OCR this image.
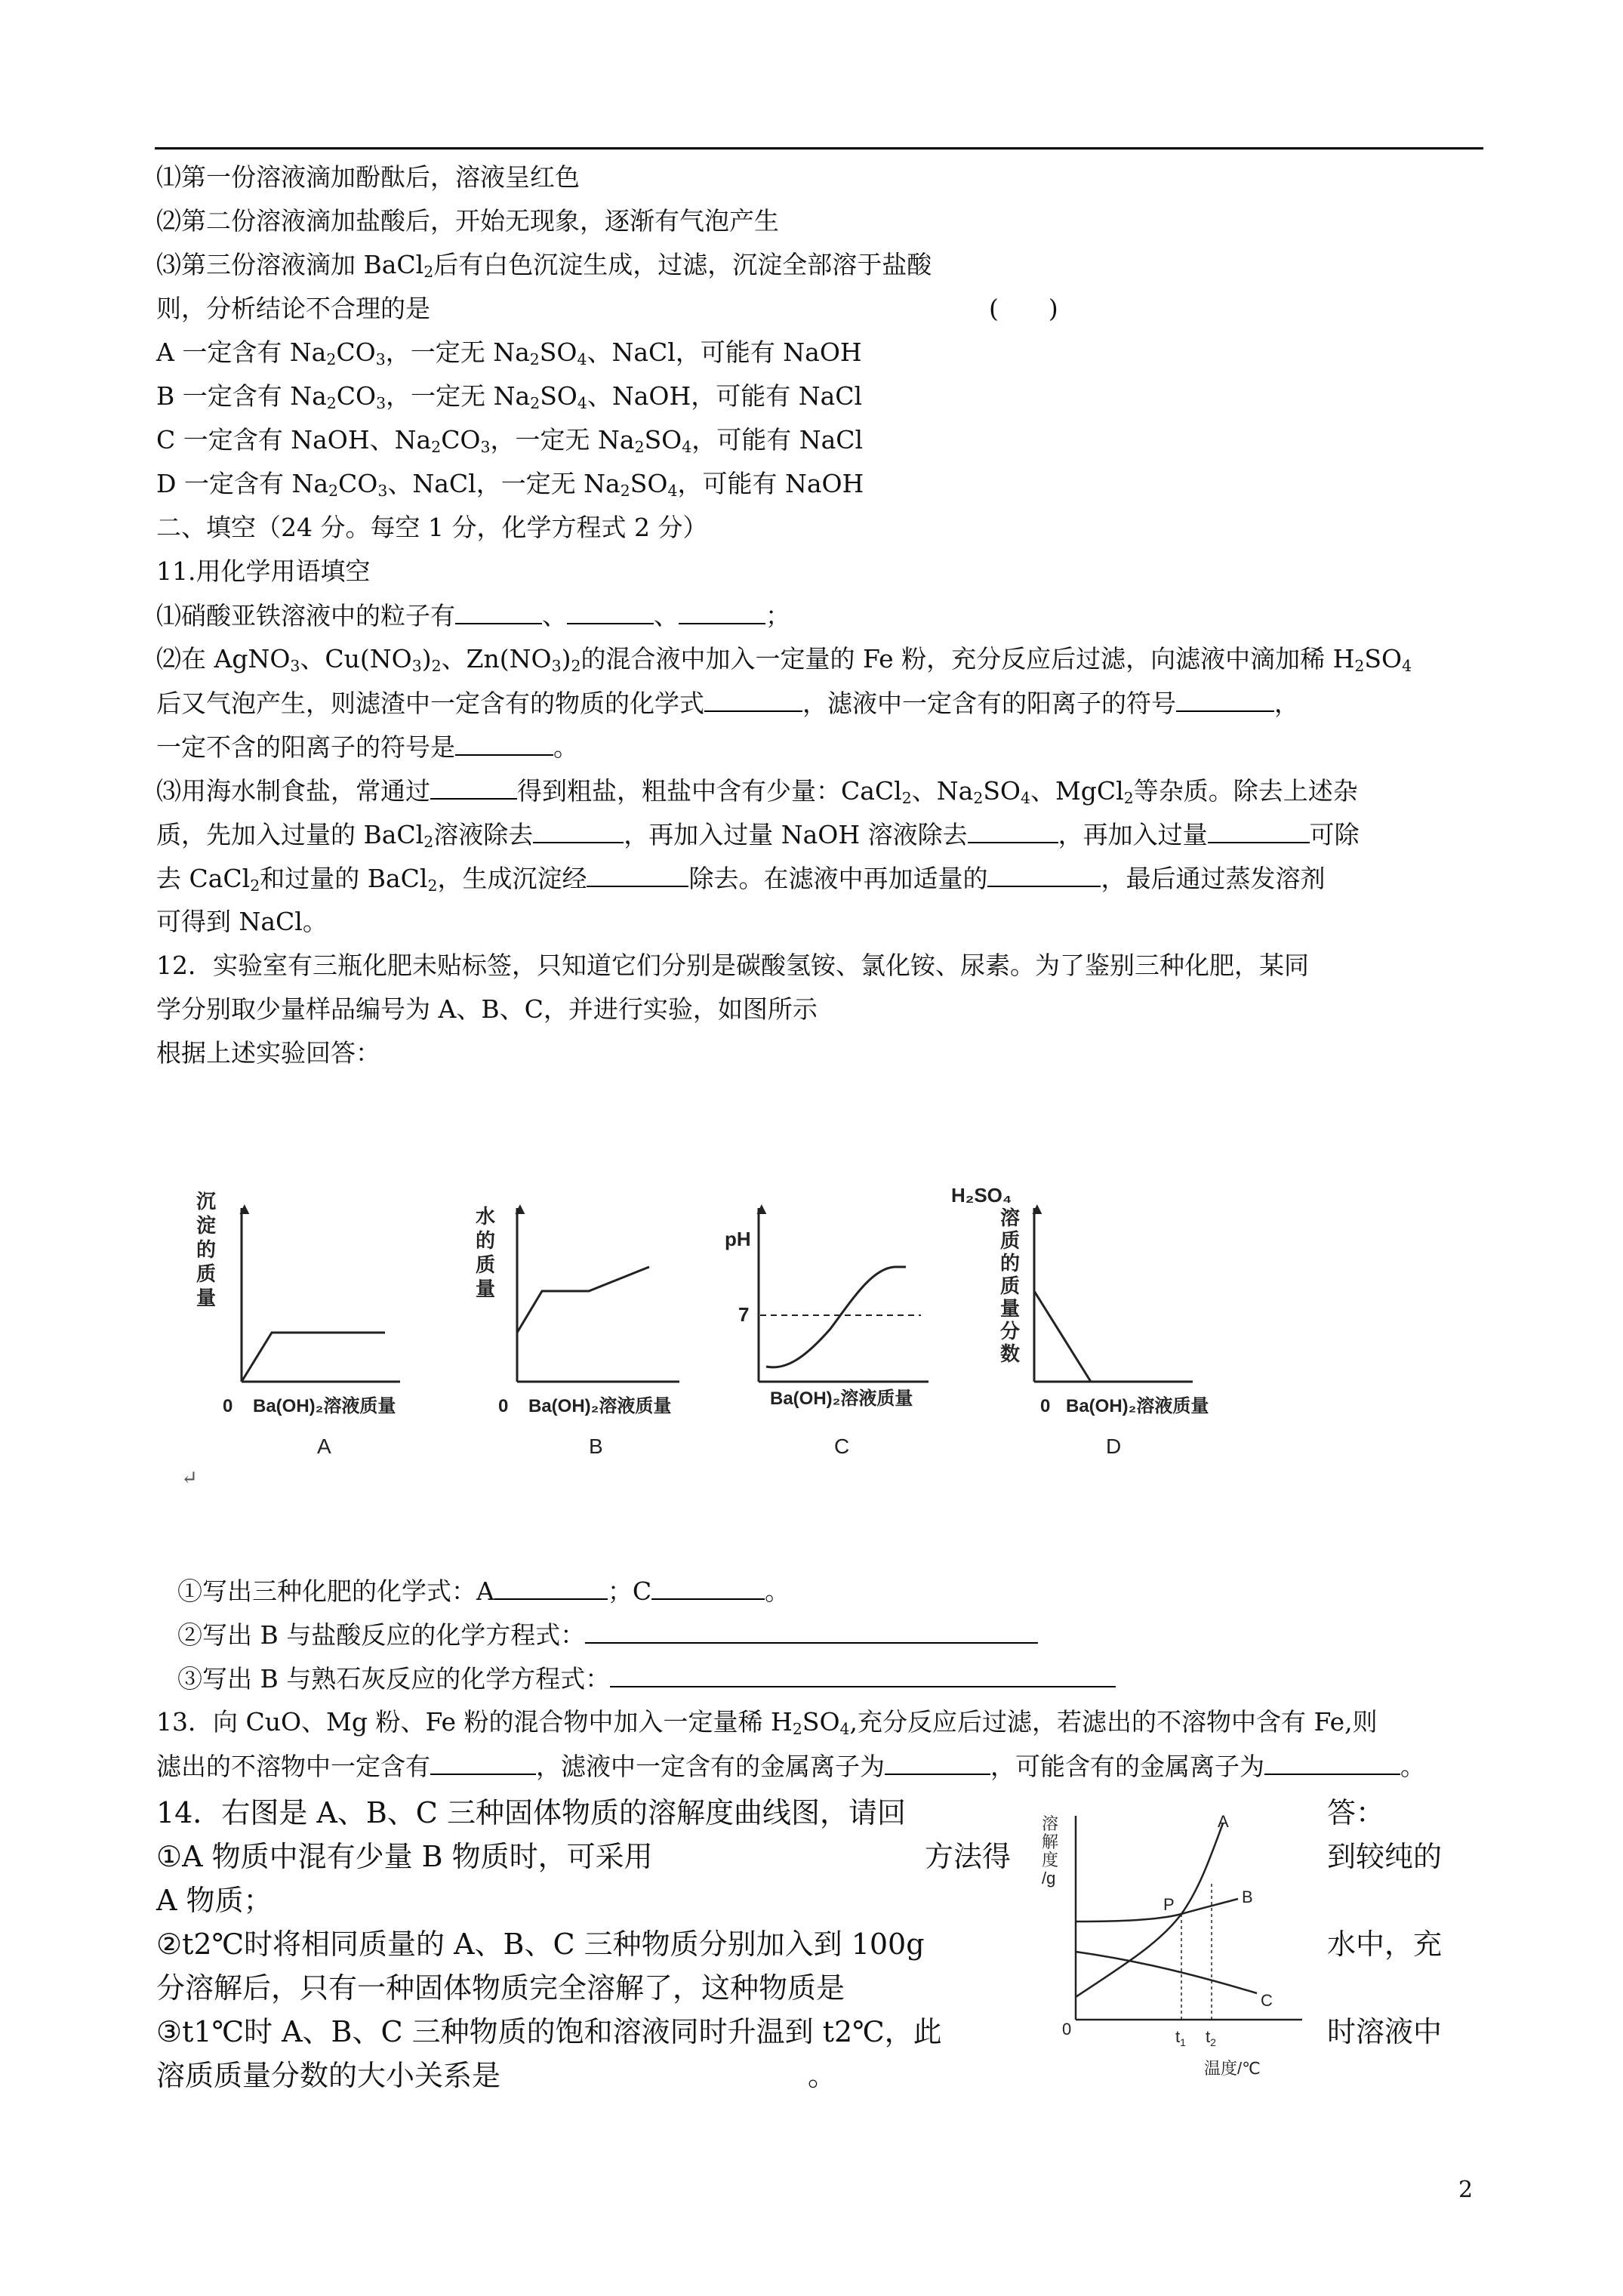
⑴第一份溶液滴加酚酞后，溶液呈红色
⑵第二份溶液滴加盐酸后，开始无现象，逐渐有气泡产生
⑶第三份溶液滴加 BaCl$_2$后有白色沉淀生成，过滤，沉淀全部溶于盐酸
则，分析结论不合理的是	(　　)
A 一定含有 $Na_2CO_3$，一定无 $Na_2SO_4$、NaCl，可能有 NaOH
B 一定含有 $Na_2CO_3$，一定无 $Na_2SO_4$、NaOH，可能有 NaCl
C 一定含有 NaOH、$Na_2CO_3$，一定无 $Na_2SO_4$，可能有 NaCl
D 一定含有 $Na_2CO_3$、NaCl，一定无 $Na_2SO_4$，可能有 NaOH
二、填空（24 分。每空 1 分，化学方程式 2 分）
11.用化学用语填空
⑴硝酸亚铁溶液中的粒子有	、	、	；
⑵在 AgNO$_3$、$Cu(NO_3)_2$、$Zn(NO_3)_2$的混合液中加入一定量的 Fe 粉，充分反应后过滤，向滤液中滴加稀 $H_2SO_4$
后又气泡产生，则滤渣中一定含有的物质的化学式	，滤液中一定含有的阳离子的符号	，
一定不含的阳离子的符号是	。
⑶用海水制食盐，常通过	得到粗盐，粗盐中含有少量：CaCl$_2$、$Na_2SO_4$、MgCl$_2$等杂质。除去上述杂
质，先加入过量的 BaCl$_2$溶液除去	，再加入过量 NaOH 溶液除去	，再加入过量	可除
去 CaCl$_2$和过量的 BaCl$_2$，生成沉淀经	除去。在滤液中再加适量的	，最后通过蒸发溶剂
可得到 NaCl。
12．实验室有三瓶化肥未贴标签，只知道它们分别是碳酸氢铵、氯化铵、尿素。为了鉴别三种化肥，某同
学分别取少量样品编号为 A、B、C，并进行实验，如图所示
根据上述实验回答：
▲	▲	▲	▲
沉
淀
的
质
量
水
的
质
量
pH
7
H₂SO₄
溶
质
的
质
量
分
数
0 Ba(OH)₂溶液质量	0 Ba(OH)₂溶液质量	Ba(OH)₂溶液质量	0 Ba(OH)₂溶液质量
A	B	C	D
↵
①写出三种化肥的化学式：A	；C	。
②写出 B 与盐酸反应的化学方程式：
③写出 B 与熟石灰反应的化学方程式：
13．向 CuO、Mg 粉、Fe 粉的混合物中加入一定量稀 $H_2SO_4$,充分反应后过滤，若滤出的不溶物中含有 Fe,则
滤出的不溶物中一定含有	，滤液中一定含有的金属离子为	，可能含有的金属离子为	。
14．右图是 A、B、C 三种固体物质的溶解度曲线图，请回	答：
①A 物质中混有少量 B 物质时，可采用	方法得	到较纯的
A 物质；
②t2℃时将相同质量的 A、B、C 三种物质分别加入到 100g	水中，充
分溶解后，只有一种固体物质完全溶解了，这种物质是
③t1℃时 A、B、C 三种物质的饱和溶液同时升温到 t2℃，此	时溶液中
溶质质量分数的大小关系是	。
溶
解
度
/g
0
A
B
C
P
$t_1$ $t_2$
温度/℃
2
